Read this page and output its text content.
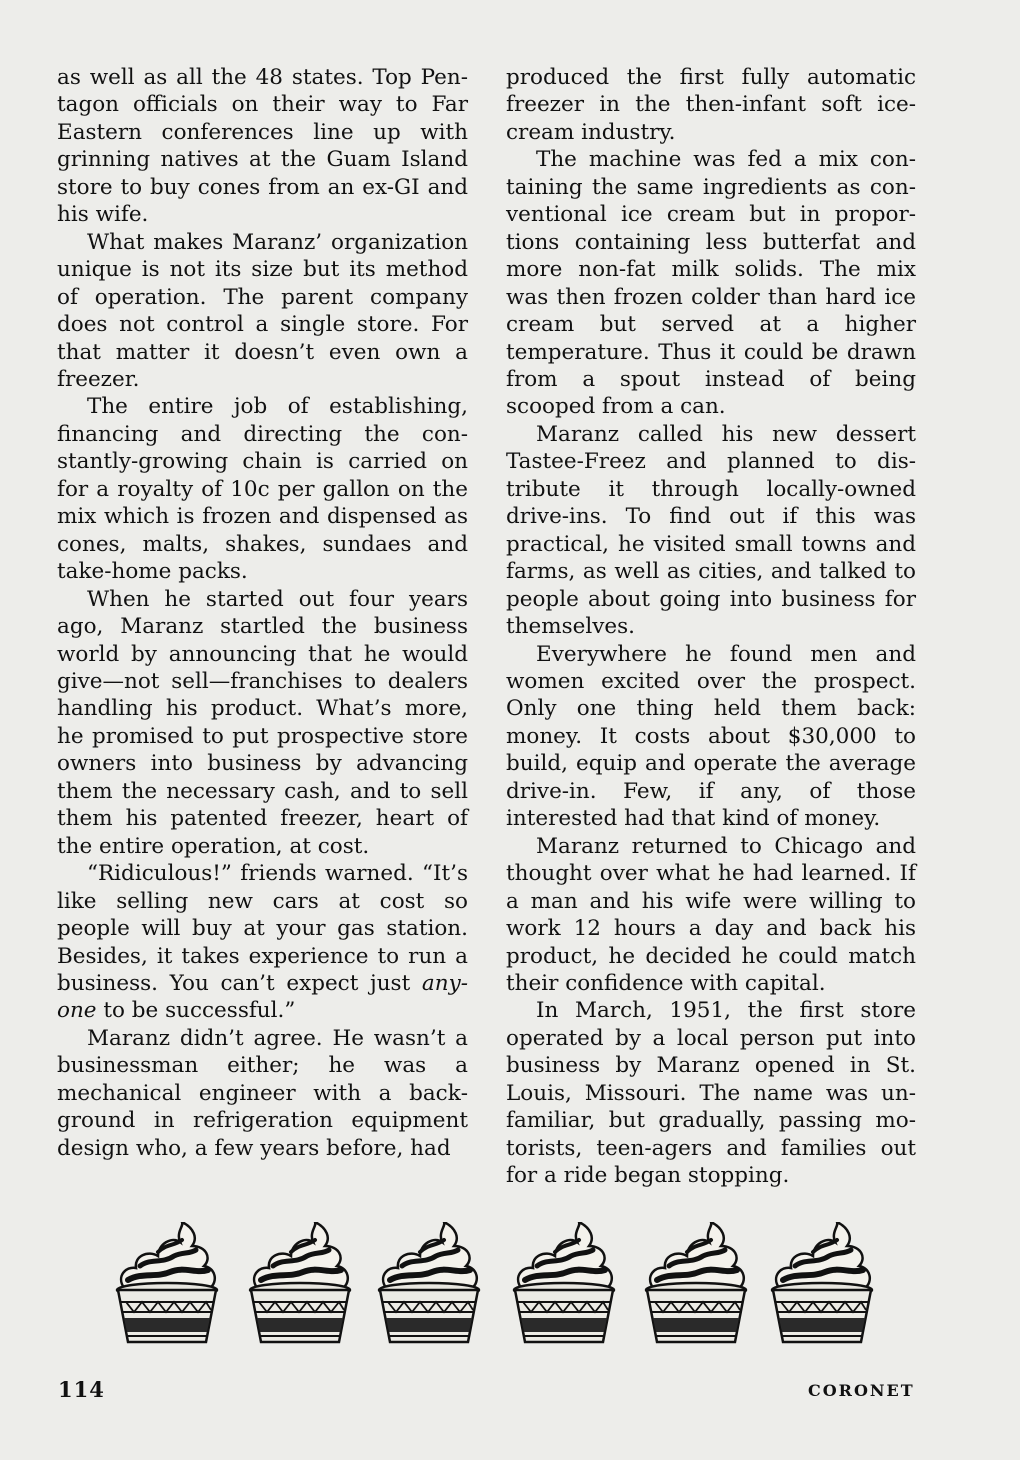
as well as all the 48 states. Top Pentagon officials on their way to Far Eastern conferences line up with grinning natives at the Guam Island store to buy cones from an ex-GI and his wife.

What makes Maranz’ organization unique is not its size but its method of operation. The parent company does not control a single store. For that matter it doesn’t even own a freezer.

The entire job of establishing, financing and directing the constantly-growing chain is carried on for a royalty of 10c per gallon on the mix which is frozen and dispensed as cones, malts, shakes, sundaes and take-home packs.

When he started out four years ago, Maranz startled the business world by announcing that he would give—not sell—franchises to dealers handling his product. What’s more, he promised to put prospective store owners into business by advancing them the necessary cash, and to sell them his patented freezer, heart of the entire operation, at cost.

“Ridiculous!” friends warned. “It’s like selling new cars at cost so people will buy at your gas station. Besides, it takes experience to run a business. You can’t expect just anyone to be successful.”

Maranz didn’t agree. He wasn’t a businessman either; he was a mechanical engineer with a background in refrigeration equipment design who, a few years before, had

produced the first fully automatic freezer in the then-infant soft ice-cream industry.

The machine was fed a mix containing the same ingredients as conventional ice cream but in proportions containing less butterfat and more non-fat milk solids. The mix was then frozen colder than hard ice cream but served at a higher temperature. Thus it could be drawn from a spout instead of being scooped from a can.

Maranz called his new dessert Tastee-Freez and planned to distribute it through locally-owned drive-ins. To find out if this was practical, he visited small towns and farms, as well as cities, and talked to people about going into business for themselves.

Everywhere he found men and women excited over the prospect. Only one thing held them back: money. It costs about $30,000 to build, equip and operate the average drive-in. Few, if any, of those interested had that kind of money.

Maranz returned to Chicago and thought over what he had learned. If a man and his wife were willing to work 12 hours a day and back his product, he decided he could match their confidence with capital.

In March, 1951, the first store operated by a local person put into business by Maranz opened in St. Louis, Missouri. The name was unfamiliar, but gradually, passing motorists, teen-agers and families out for a ride began stopping.

114	CORONET
